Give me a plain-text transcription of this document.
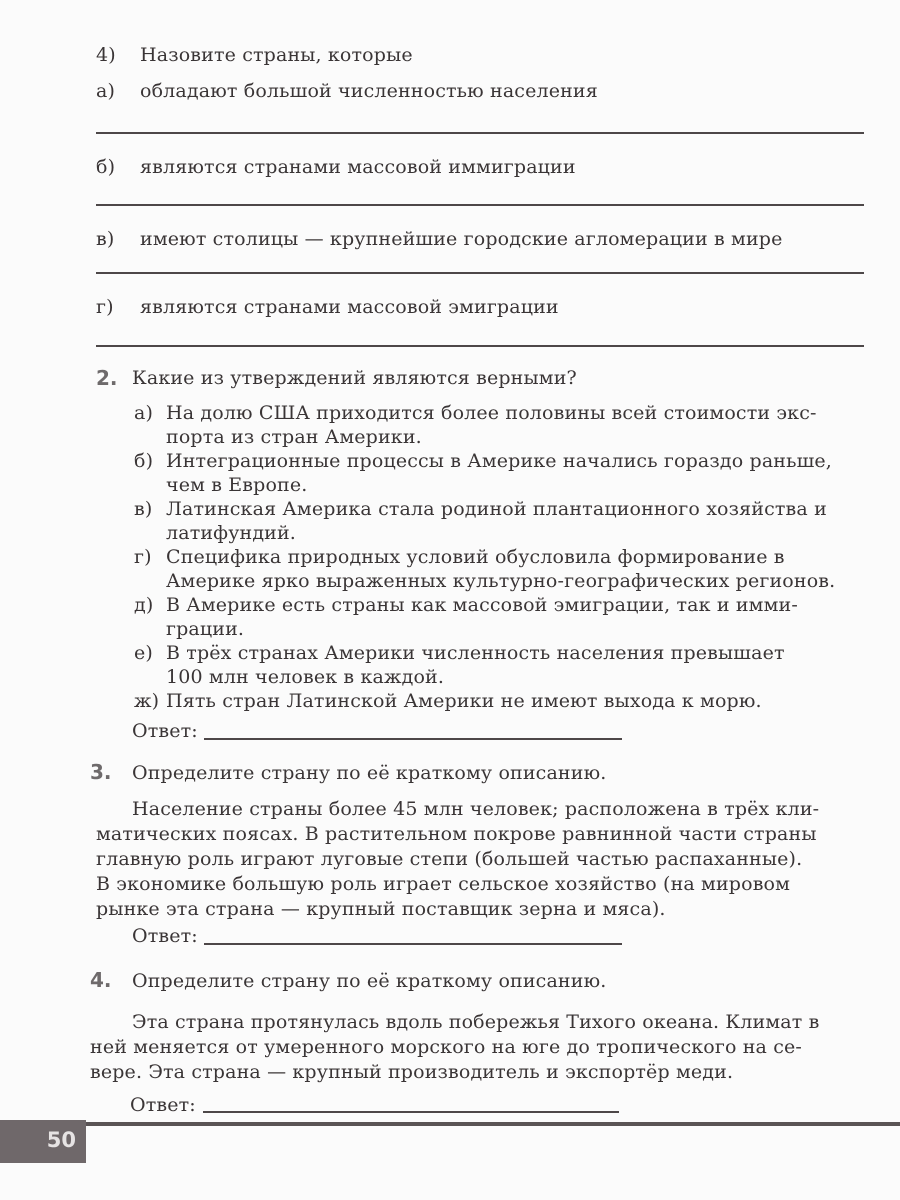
4) Назовите страны, которые
а) обладают большой численностью населения
б) являются странами массовой иммиграции
в) имеют столицы — крупнейшие городские агломерации в мире
г) являются странами массовой эмиграции
2. Какие из утверждений являются верными?
а) На долю США приходится более половины всей стоимости экс-
порта из стран Америки.
б) Интеграционные процессы в Америке начались гораздо раньше,
чем в Европе.
в) Латинская Америка стала родиной плантационного хозяйства и
латифундий.
г) Специфика природных условий обусловила формирование в
Америке ярко выраженных культурно-географических регионов.
д) В Америке есть страны как массовой эмиграции, так и имми-
грации.
е) В трёх странах Америки численность населения превышает
100 млн человек в каждой.
ж) Пять стран Латинской Америки не имеют выхода к морю.
Ответ:
3. Определите страну по её краткому описанию.
Население страны более 45 млн человек; расположена в трёх кли-
матических поясах. В растительном покрове равнинной части страны
главную роль играют луговые степи (большей частью распаханные).
В экономике большую роль играет сельское хозяйство (на мировом
рынке эта страна — крупный поставщик зерна и мяса).
Ответ:
4. Определите страну по её краткому описанию.
Эта страна протянулась вдоль побережья Тихого океана. Климат в
ней меняется от умеренного морского на юге до тропического на се-
вере. Эта страна — крупный производитель и экспортёр меди.
Ответ:
50
